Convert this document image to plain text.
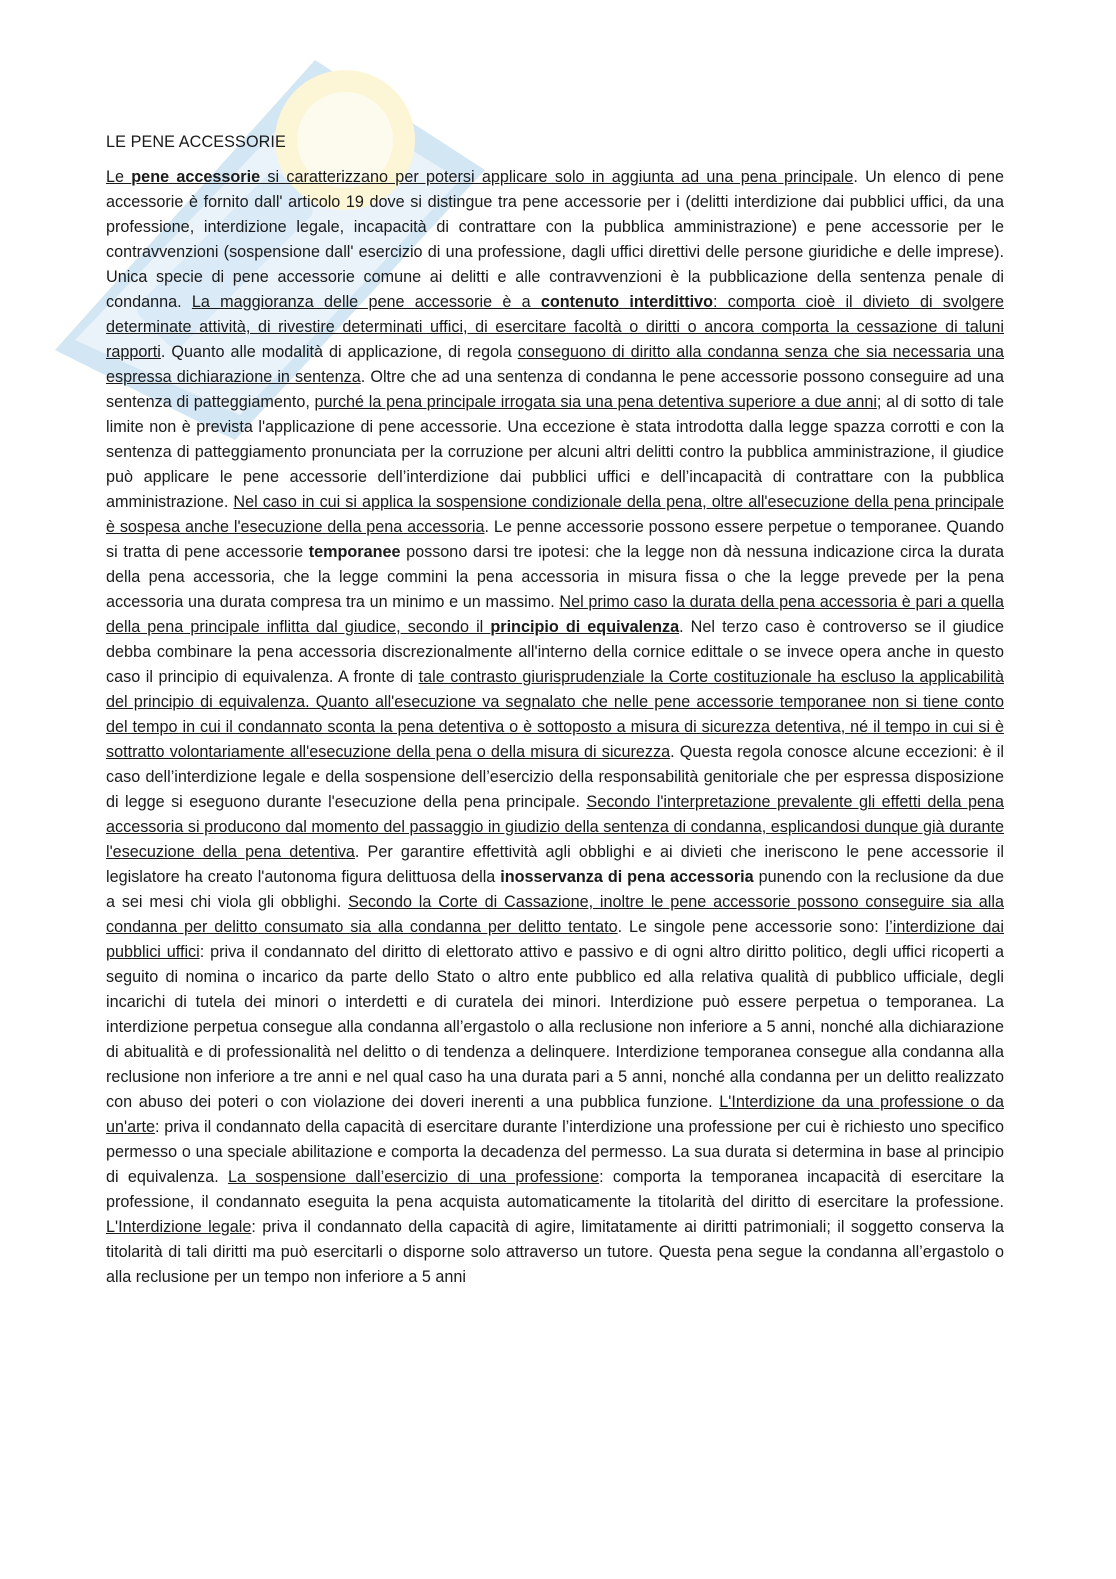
LE PENE ACCESSORIE

Le pene accessorie si caratterizzano per potersi applicare solo in aggiunta ad una pena principale. Un elenco di pene accessorie è fornito dall' articolo 19 dove si distingue tra pene accessorie per i (delitti interdizione dai pubblici uffici, da una professione, interdizione legale, incapacità di contrattare con la pubblica amministrazione) e pene accessorie per le contravvenzioni (sospensione dall' esercizio di una professione, dagli uffici direttivi delle persone giuridiche e delle imprese). Unica specie di pene accessorie comune ai delitti e alle contravvenzioni è la pubblicazione della sentenza penale di condanna. La maggioranza delle pene accessorie è a contenuto interdittivo: comporta cioè il divieto di svolgere determinate attività, di rivestire determinati uffici, di esercitare facoltà o diritti o ancora comporta la cessazione di taluni rapporti. Quanto alle modalità di applicazione, di regola conseguono di diritto alla condanna senza che sia necessaria una espressa dichiarazione in sentenza. Oltre che ad una sentenza di condanna le pene accessorie possono conseguire ad una sentenza di patteggiamento, purché la pena principale irrogata sia una pena detentiva superiore a due anni; al di sotto di tale limite non è prevista l'applicazione di pene accessorie. Una eccezione è stata introdotta dalla legge spazza corrotti e con la sentenza di patteggiamento pronunciata per la corruzione per alcuni altri delitti contro la pubblica amministrazione, il giudice può applicare le pene accessorie dell’interdizione dai pubblici uffici e dell’incapacità di contrattare con la pubblica amministrazione. Nel caso in cui si applica la sospensione condizionale della pena, oltre all'esecuzione della pena principale è sospesa anche l'esecuzione della pena accessoria. Le penne accessorie possono essere perpetue o temporanee. Quando si tratta di pene accessorie temporanee possono darsi tre ipotesi: che la legge non dà nessuna indicazione circa la durata della pena accessoria, che la legge commini la pena accessoria in misura fissa o che la legge prevede per la pena accessoria una durata compresa tra un minimo e un massimo. Nel primo caso la durata della pena accessoria è pari a quella della pena principale inflitta dal giudice, secondo il principio di equivalenza. Nel terzo caso è controverso se il giudice debba combinare la pena accessoria discrezionalmente all'interno della cornice edittale o se invece opera anche in questo caso il principio di equivalenza. A fronte di tale contrasto giurisprudenziale la Corte costituzionale ha escluso la applicabilità del principio di equivalenza. Quanto all'esecuzione va segnalato che nelle pene accessorie temporanee non si tiene conto del tempo in cui il condannato sconta la pena detentiva o è sottoposto a misura di sicurezza detentiva, né il tempo in cui si è sottratto volontariamente all'esecuzione della pena o della misura di sicurezza. Questa regola conosce alcune eccezioni: è il caso dell’interdizione legale e della sospensione dell’esercizio della responsabilità genitoriale che per espressa disposizione di legge si eseguono durante l'esecuzione della pena principale. Secondo l'interpretazione prevalente gli effetti della pena accessoria si producono dal momento del passaggio in giudizio della sentenza di condanna, esplicandosi dunque già durante l'esecuzione della pena detentiva. Per garantire effettività agli obblighi e ai divieti che ineriscono le pene accessorie il legislatore ha creato l'autonoma figura delittuosa della inosservanza di pena accessoria punendo con la reclusione da due a sei mesi chi viola gli obblighi. Secondo la Corte di Cassazione, inoltre le pene accessorie possono conseguire sia alla condanna per delitto consumato sia alla condanna per delitto tentato. Le singole pene accessorie sono: l’interdizione dai pubblici uffici: priva il condannato del diritto di elettorato attivo e passivo e di ogni altro diritto politico, degli uffici ricoperti a seguito di nomina o incarico da parte dello Stato o altro ente pubblico ed alla relativa qualità di pubblico ufficiale, degli incarichi di tutela dei minori o interdetti e di curatela dei minori. Interdizione può essere perpetua o temporanea. La interdizione perpetua consegue alla condanna all’ergastolo o alla reclusione non inferiore a 5 anni, nonché alla dichiarazione di abitualità e di professionalità nel delitto o di tendenza a delinquere. Interdizione temporanea consegue alla condanna alla reclusione non inferiore a tre anni e nel qual caso ha una durata pari a 5 anni, nonché alla condanna per un delitto realizzato con abuso dei poteri o con violazione dei doveri inerenti a una pubblica funzione. L'Interdizione da una professione o da un'arte: priva il condannato della capacità di esercitare durante l’interdizione una professione per cui è richiesto uno specifico permesso o una speciale abilitazione e comporta la decadenza del permesso. La sua durata si determina in base al principio di equivalenza. La sospensione dall’esercizio di una professione: comporta la temporanea incapacità di esercitare la professione, il condannato eseguita la pena acquista automaticamente la titolarità del diritto di esercitare la professione. L'Interdizione legale: priva il condannato della capacità di agire, limitatamente ai diritti patrimoniali; il soggetto conserva la titolarità di tali diritti ma può esercitarli o disporne solo attraverso un tutore. Questa pena segue la condanna all’ergastolo o alla reclusione per un tempo non inferiore a 5 anni
